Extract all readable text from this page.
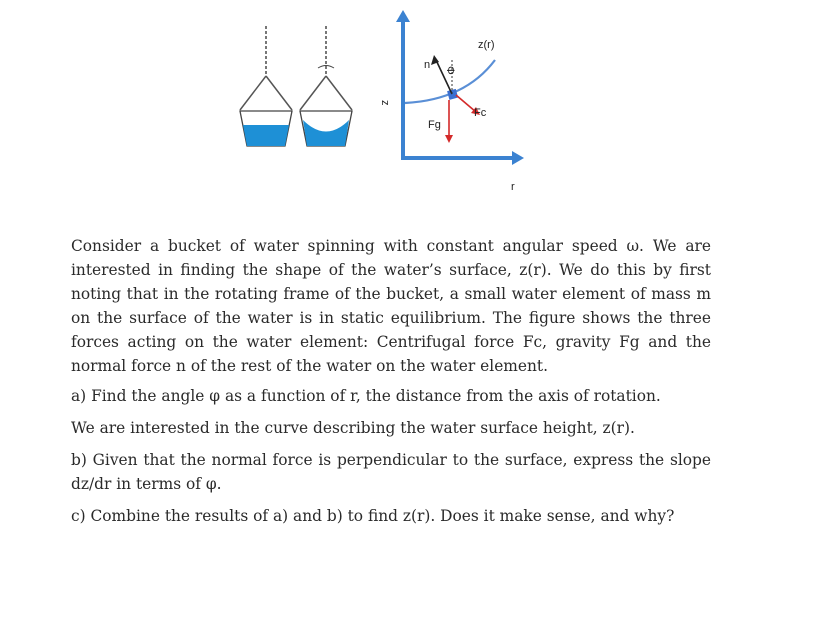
z
n Φ
z(r)
Fc
Fg
r

Consider a bucket of water spinning with constant angular speed ω. We are interested in finding the shape of the water’s surface, z(r). We do this by first noting that in the rotating frame of the bucket, a small water element of mass m on the surface of the water is in static equilibrium. The figure shows the three forces acting on the water element: Centrifugal force Fc, gravity Fg and the normal force n of the rest of the water on the water element.

a) Find the angle φ as a function of r, the distance from the axis of rotation.

We are interested in the curve describing the water surface height, z(r).

b) Given that the normal force is perpendicular to the surface, express the slope dz/dr in terms of φ.

c) Combine the results of a) and b) to find z(r). Does it make sense, and why?
